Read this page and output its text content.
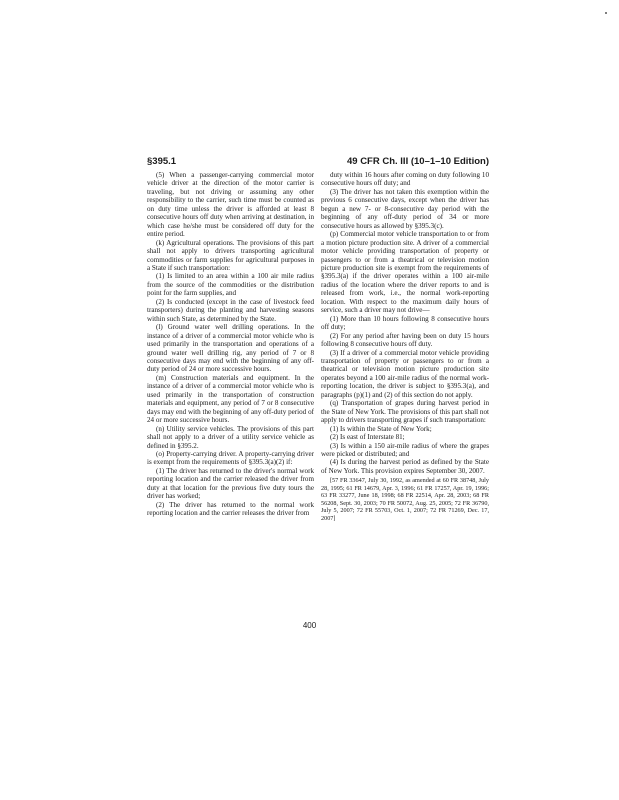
§395.1	49 CFR Ch. III (10–1–10 Edition)

(5) When a passenger-carrying commercial motor vehicle driver at the direction of the motor carrier is traveling, but not driving or assuming any other responsibility to the carrier, such time must be counted as on duty time unless the driver is afforded at least 8 consecutive hours off duty when arriving at destination, in which case he/she must be considered off duty for the entire period.

(k) Agricultural operations. The provisions of this part shall not apply to drivers transporting agricultural commodities or farm supplies for agricultural purposes in a State if such transportation:

(1) Is limited to an area within a 100 air mile radius from the source of the commodities or the distribution point for the farm supplies, and

(2) Is conducted (except in the case of livestock feed transporters) during the planting and harvesting seasons within such State, as determined by the State.

(l) Ground water well drilling operations. In the instance of a driver of a commercial motor vehicle who is used primarily in the transportation and operations of a ground water well drilling rig, any period of 7 or 8 consecutive days may end with the beginning of any off-duty period of 24 or more successive hours.

(m) Construction materials and equipment. In the instance of a driver of a commercial motor vehicle who is used primarily in the transportation of construction materials and equipment, any period of 7 or 8 consecutive days may end with the beginning of any off-duty period of 24 or more successive hours.

(n) Utility service vehicles. The provisions of this part shall not apply to a driver of a utility service vehicle as defined in §395.2.

(o) Property-carrying driver. A property-carrying driver is exempt from the requirements of §395.3(a)(2) if:

(1) The driver has returned to the driver's normal work reporting location and the carrier released the driver from duty at that location for the previous five duty tours the driver has worked;

(2) The driver has returned to the normal work reporting location and the carrier releases the driver from

duty within 16 hours after coming on duty following 10 consecutive hours off duty; and

(3) The driver has not taken this exemption within the previous 6 consecutive days, except when the driver has begun a new 7- or 8-consecutive day period with the beginning of any off-duty period of 34 or more consecutive hours as allowed by §395.3(c).

(p) Commercial motor vehicle transportation to or from a motion picture production site. A driver of a commercial motor vehicle providing transportation of property or passengers to or from a theatrical or television motion picture production site is exempt from the requirements of §395.3(a) if the driver operates within a 100 air-mile radius of the location where the driver reports to and is released from work, i.e., the normal work-reporting location. With respect to the maximum daily hours of service, such a driver may not drive—

(1) More than 10 hours following 8 consecutive hours off duty;

(2) For any period after having been on duty 15 hours following 8 consecutive hours off duty.

(3) If a driver of a commercial motor vehicle providing transportation of property or passengers to or from a theatrical or television motion picture production site operates beyond a 100 air-mile radius of the normal work-reporting location, the driver is subject to §395.3(a), and paragraphs (p)(1) and (2) of this section do not apply.

(q) Transportation of grapes during harvest period in the State of New York. The provisions of this part shall not apply to drivers transporting grapes if such transportation:

(1) Is within the State of New York;

(2) Is east of Interstate 81;

(3) Is within a 150 air-mile radius of where the grapes were picked or distributed; and

(4) Is during the harvest period as defined by the State of New York. This provision expires September 30, 2007.

[57 FR 33647, July 30, 1992, as amended at 60 FR 38748, July 28, 1995; 61 FR 14679, Apr. 3, 1996; 61 FR 17257, Apr. 19, 1996; 63 FR 33277, June 18, 1998; 68 FR 22514, Apr. 28, 2003; 68 FR 56208, Sept. 30, 2003; 70 FR 50072, Aug. 25, 2005; 72 FR 36790, July 5, 2007; 72 FR 55703, Oct. 1, 2007; 72 FR 71269, Dec. 17, 2007]

400
